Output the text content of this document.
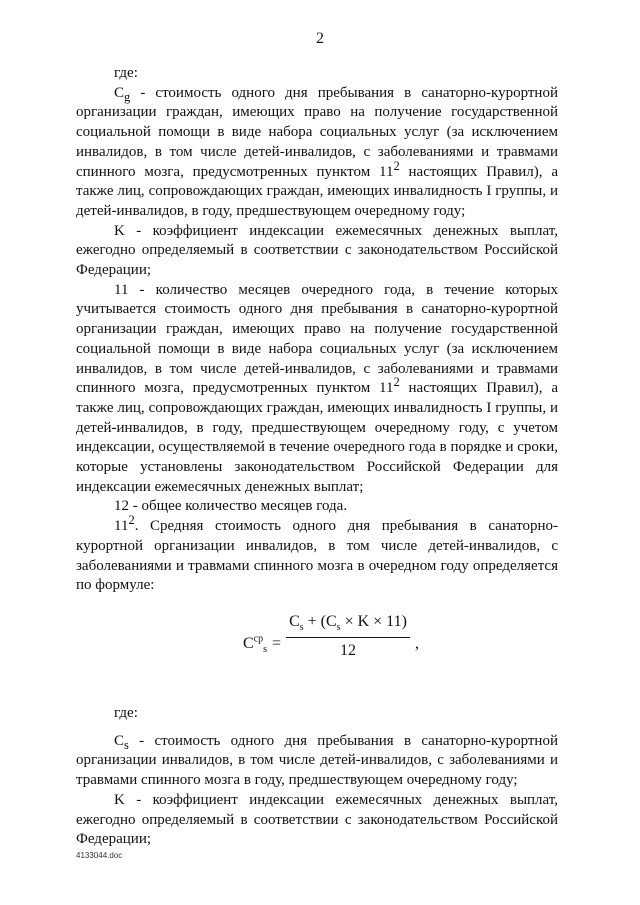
2

где:

$C_g$ - стоимость одного дня пребывания в санаторно-курортной организации граждан, имеющих право на получение государственной социальной помощи в виде набора социальных услуг (за исключением инвалидов, в том числе детей-инвалидов, с заболеваниями и травмами спинного мозга, предусмотренных пунктом $11^2$ настоящих Правил), а также лиц, сопровождающих граждан, имеющих инвалидность I группы, и детей-инвалидов, в году, предшествующем очередному году;

K - коэффициент индексации ежемесячных денежных выплат, ежегодно определяемый в соответствии с законодательством Российской Федерации;

11 - количество месяцев очередного года, в течение которых учитывается стоимость одного дня пребывания в санаторно-курортной организации граждан, имеющих право на получение государственной социальной помощи в виде набора социальных услуг (за исключением инвалидов, в том числе детей-инвалидов, с заболеваниями и травмами спинного мозга, предусмотренных пунктом $11^2$ настоящих Правил), а также лиц, сопровождающих граждан, имеющих инвалидность I группы, и детей-инвалидов, в году, предшествующем очередному году, с учетом индексации, осуществляемой в течение очередного года в порядке и сроки, которые установлены законодательством Российской Федерации для индексации ежемесячных денежных выплат;

12 - общее количество месяцев года.

$11^2$. Средняя стоимость одного дня пребывания в санаторно-курортной организации инвалидов, в том числе детей-инвалидов, с заболеваниями и травмами спинного мозга в очередном году определяется по формуле:

$C^{ср}_s$ =
$C_s + (C_s \times K \times 11)$
12	,

где:

$C_s$ - стоимость одного дня пребывания в санаторно-курортной организации инвалидов, в том числе детей-инвалидов, с заболеваниями и травмами спинного мозга в году, предшествующем очередному году;

K - коэффициент индексации ежемесячных денежных выплат, ежегодно определяемый в соответствии с законодательством Российской Федерации;

4133044.doc
